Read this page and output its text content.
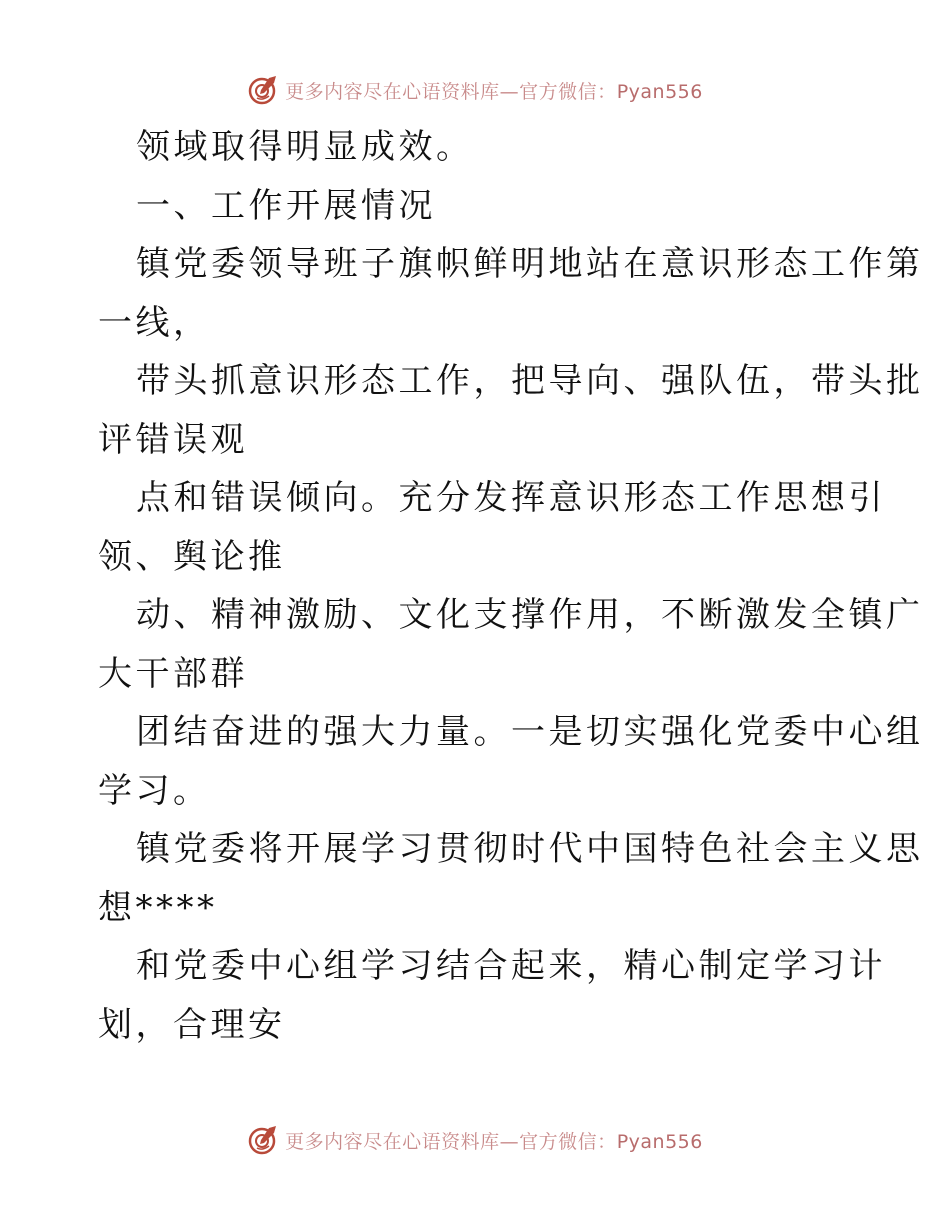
更多内容尽在心语资料库—官方微信：Pyan556
领域取得明显成效。
一、工作开展情况
镇党委领导班子旗帜鲜明地站在意识形态工作第
一线，
带头抓意识形态工作，把导向、强队伍，带头批
评错误观
点和错误倾向。充分发挥意识形态工作思想引
领、舆论推
动、精神激励、文化支撑作用，不断激发全镇广
大干部群
团结奋进的强大力量。一是切实强化党委中心组
学习。
镇党委将开展学习贯彻时代中国特色社会主义思
想****
和党委中心组学习结合起来，精心制定学习计
划，合理安
更多内容尽在心语资料库—官方微信：Pyan556
